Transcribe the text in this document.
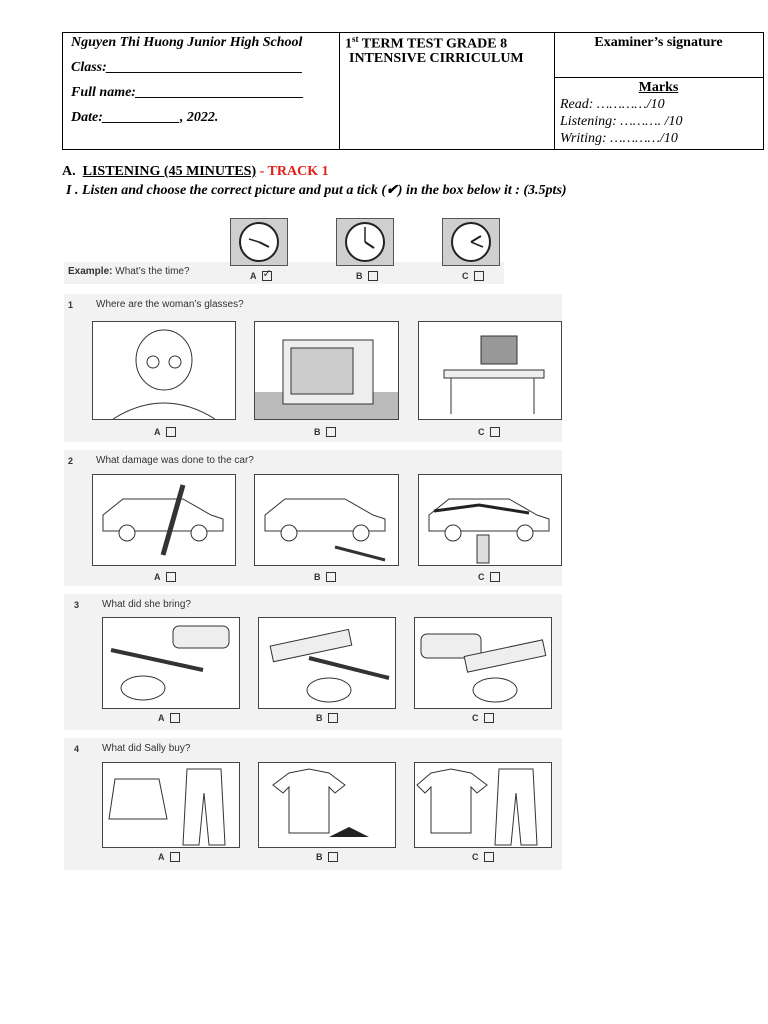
Nguyen Thi Huong Junior High School
Class:____________________________
Full name:________________________
Date:___________, 2022.
1st TERM TEST GRADE 8
INTENSIVE CIRRICULUM
Examiner’s signature
Marks
Read: …………/10
Listening: ………. /10
Writing: …………/10
A. LISTENING (45 MINUTES) - TRACK 1
I . Listen and choose the correct picture and put a tick (✔) in the box below it : (3.5pts)
Example: What’s the time?	A ✓	B	C
1 Where are the woman’s glasses?
A	B	C
2 What damage was done to the car?
A	B	C
3 What did she bring?
A	B	C
4 What did Sally buy?
A	B	C
